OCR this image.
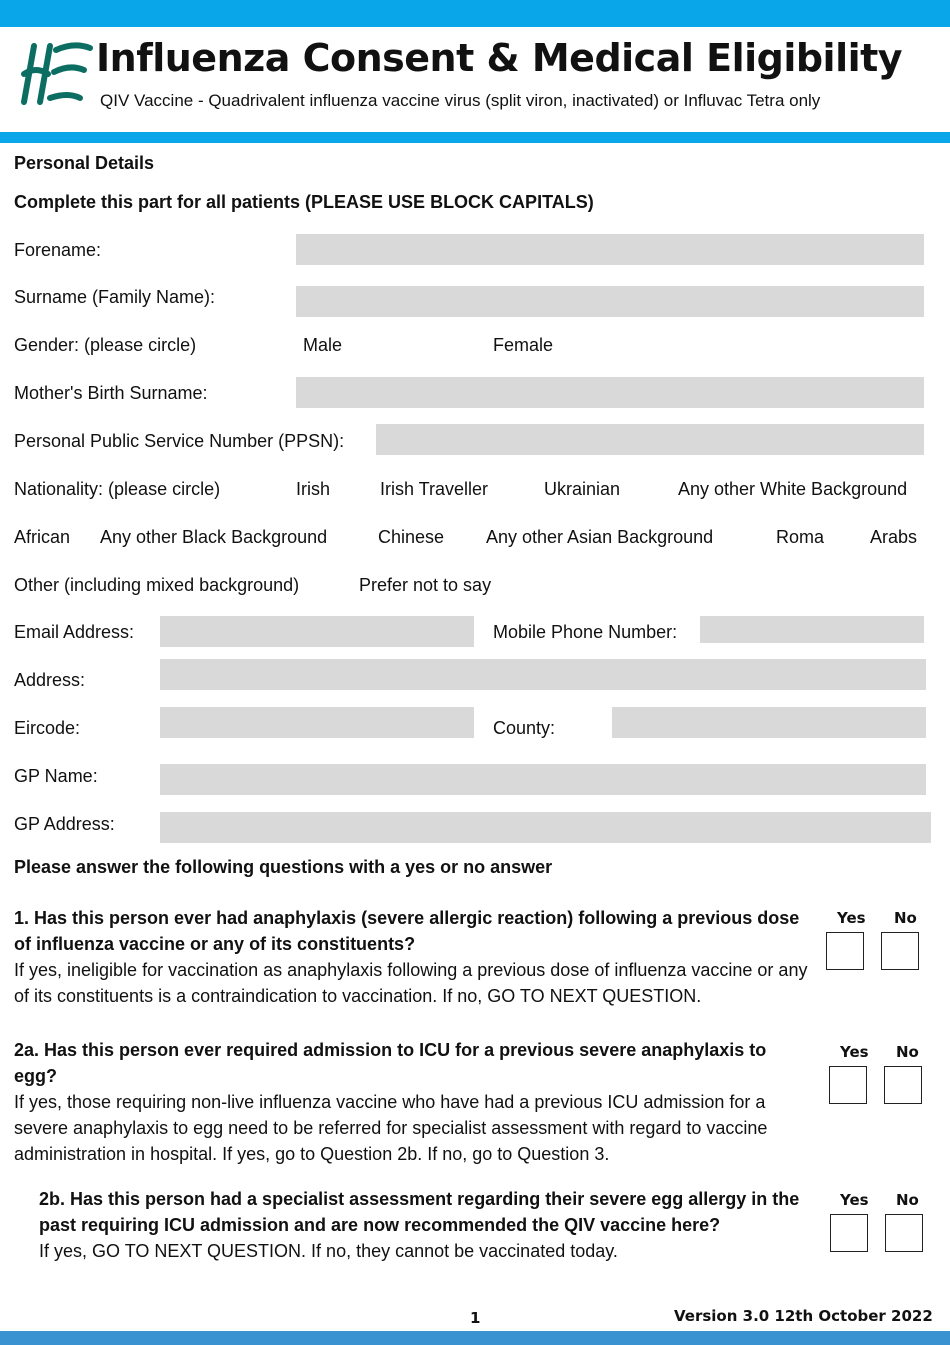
Influenza Consent & Medical Eligibility
QIV Vaccine - Quadrivalent influenza vaccine virus (split viron, inactivated) or Influvac Tetra only
Personal Details
Complete this part for all patients (PLEASE USE BLOCK CAPITALS)
Forename:
Surname (Family Name):
Gender: (please circle)	Male	Female
Mother's Birth Surname:
Personal Public Service Number (PPSN):
Nationality: (please circle)	Irish	Irish Traveller	Ukrainian	Any other White Background
African Any other Black Background	Chinese Any other Asian Background	Roma	Arabs
Other (including mixed background)	Prefer not to say
Email Address:	Mobile Phone Number:
Address:
Eircode:	County:
GP Name:
GP Address:
Please answer the following questions with a yes or no answer
1. Has this person ever had anaphylaxis (severe allergic reaction) following a previous dose of influenza vaccine or any of its constituents?
If yes, ineligible for vaccination as anaphylaxis following a previous dose of influenza vaccine or any of its constituents is a contraindication to vaccination. If no, GO TO NEXT QUESTION.
Yes No
2a. Has this person ever required admission to ICU for a previous severe anaphylaxis to egg?
If yes, those requiring non-live influenza vaccine who have had a previous ICU admission for a severe anaphylaxis to egg need to be referred for specialist assessment with regard to vaccine administration in hospital. If yes, go to Question 2b. If no, go to Question 3.
Yes No
2b. Has this person had a specialist assessment regarding their severe egg allergy in the past requiring ICU admission and are now recommended the QIV vaccine here?
If yes, GO TO NEXT QUESTION. If no, they cannot be vaccinated today.
Yes No
1	Version 3.0 12th October 2022
